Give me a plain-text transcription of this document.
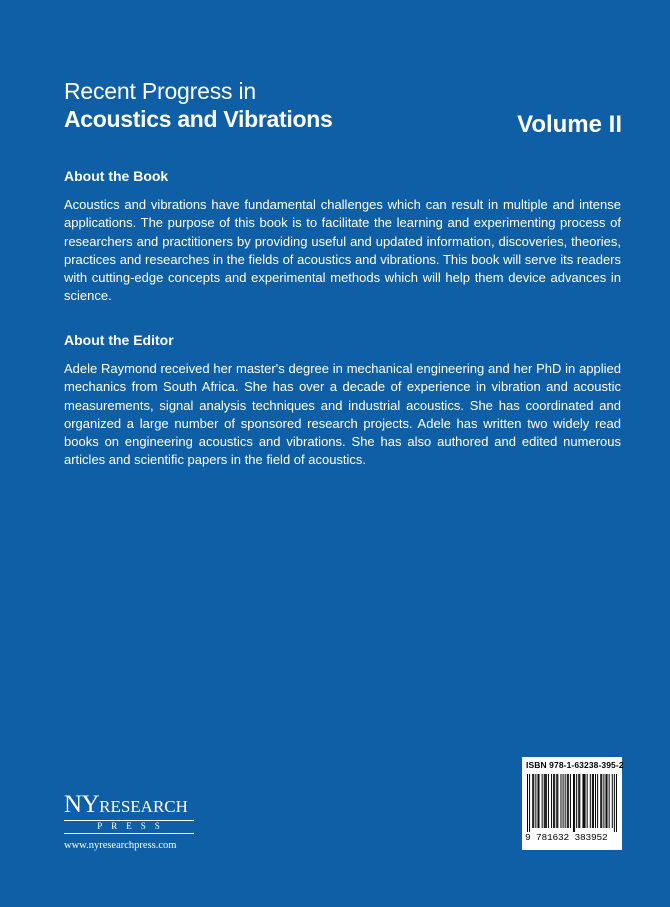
Recent Progress in
Acoustics and Vibrations	Volume II
About the Book
Acoustics and vibrations have fundamental challenges which can result in multiple and intense applications. The purpose of this book is to facilitate the learning and experimenting process of researchers and practitioners by providing useful and updated information, discoveries, theories, practices and researches in the fields of acoustics and vibrations. This book will serve its readers with cutting-edge concepts and experimental methods which will help them device advances in science.
About the Editor
Adele Raymond received her master's degree in mechanical engineering and her PhD in applied mechanics from South Africa. She has over a decade of experience in vibration and acoustic measurements, signal analysis techniques and industrial acoustics. She has coordinated and organized a large number of sponsored research projects. Adele has written two widely read books on engineering acoustics and vibrations. She has also authored and edited numerous articles and scientific papers in the field of acoustics.
NYRESEARCH
PRESS
www.nyresearchpress.com
ISBN 978-1-63238-395-2
9 781632 383952
